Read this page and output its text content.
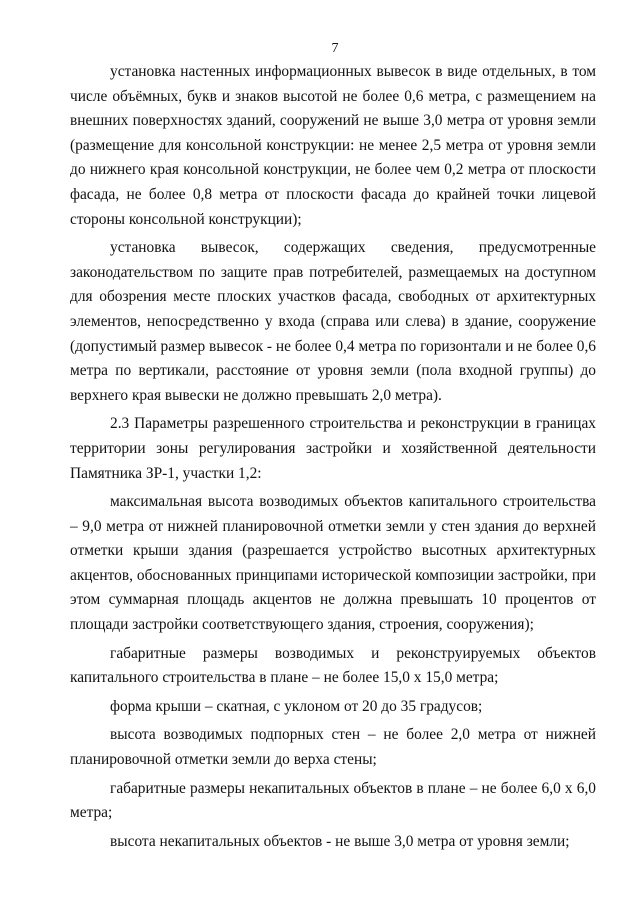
7

установка настенных информационных вывесок в виде отдельных, в том числе объёмных, букв и знаков высотой не более 0,6 метра, с размещением на внешних поверхностях зданий, сооружений не выше 3,0 метра от уровня земли (размещение для консольной конструкции: не менее 2,5 метра от уровня земли до нижнего края консольной конструкции, не более чем 0,2 метра от плоскости фасада, не более 0,8 метра от плоскости фасада до крайней точки лицевой стороны консольной конструкции);

установка вывесок, содержащих сведения, предусмотренные законодательством по защите прав потребителей, размещаемых на доступном для обозрения месте плоских участков фасада, свободных от архитектурных элементов, непосредственно у входа (справа или слева) в здание, сооружение (допустимый размер вывесок - не более 0,4 метра по горизонтали и не более 0,6 метра по вертикали, расстояние от уровня земли (пола входной группы) до верхнего края вывески не должно превышать 2,0 метра).

2.3 Параметры разрешенного строительства и реконструкции в границах территории зоны регулирования застройки и хозяйственной деятельности Памятника ЗР-1, участки 1,2:

максимальная высота возводимых объектов капитального строительства – 9,0 метра от нижней планировочной отметки земли у стен здания до верхней отметки крыши здания (разрешается устройство высотных архитектурных акцентов, обоснованных принципами исторической композиции застройки, при этом суммарная площадь акцентов не должна превышать 10 процентов от площади застройки соответствующего здания, строения, сооружения);

габаритные размеры возводимых и реконструируемых объектов капитального строительства в плане – не более 15,0 х 15,0 метра;

форма крыши – скатная, с уклоном от 20 до 35 градусов;

высота возводимых подпорных стен – не более 2,0 метра от нижней планировочной отметки земли до верха стены;

габаритные размеры некапитальных объектов в плане – не более 6,0 х 6,0 метра;

высота некапитальных объектов - не выше 3,0 метра от уровня земли;
